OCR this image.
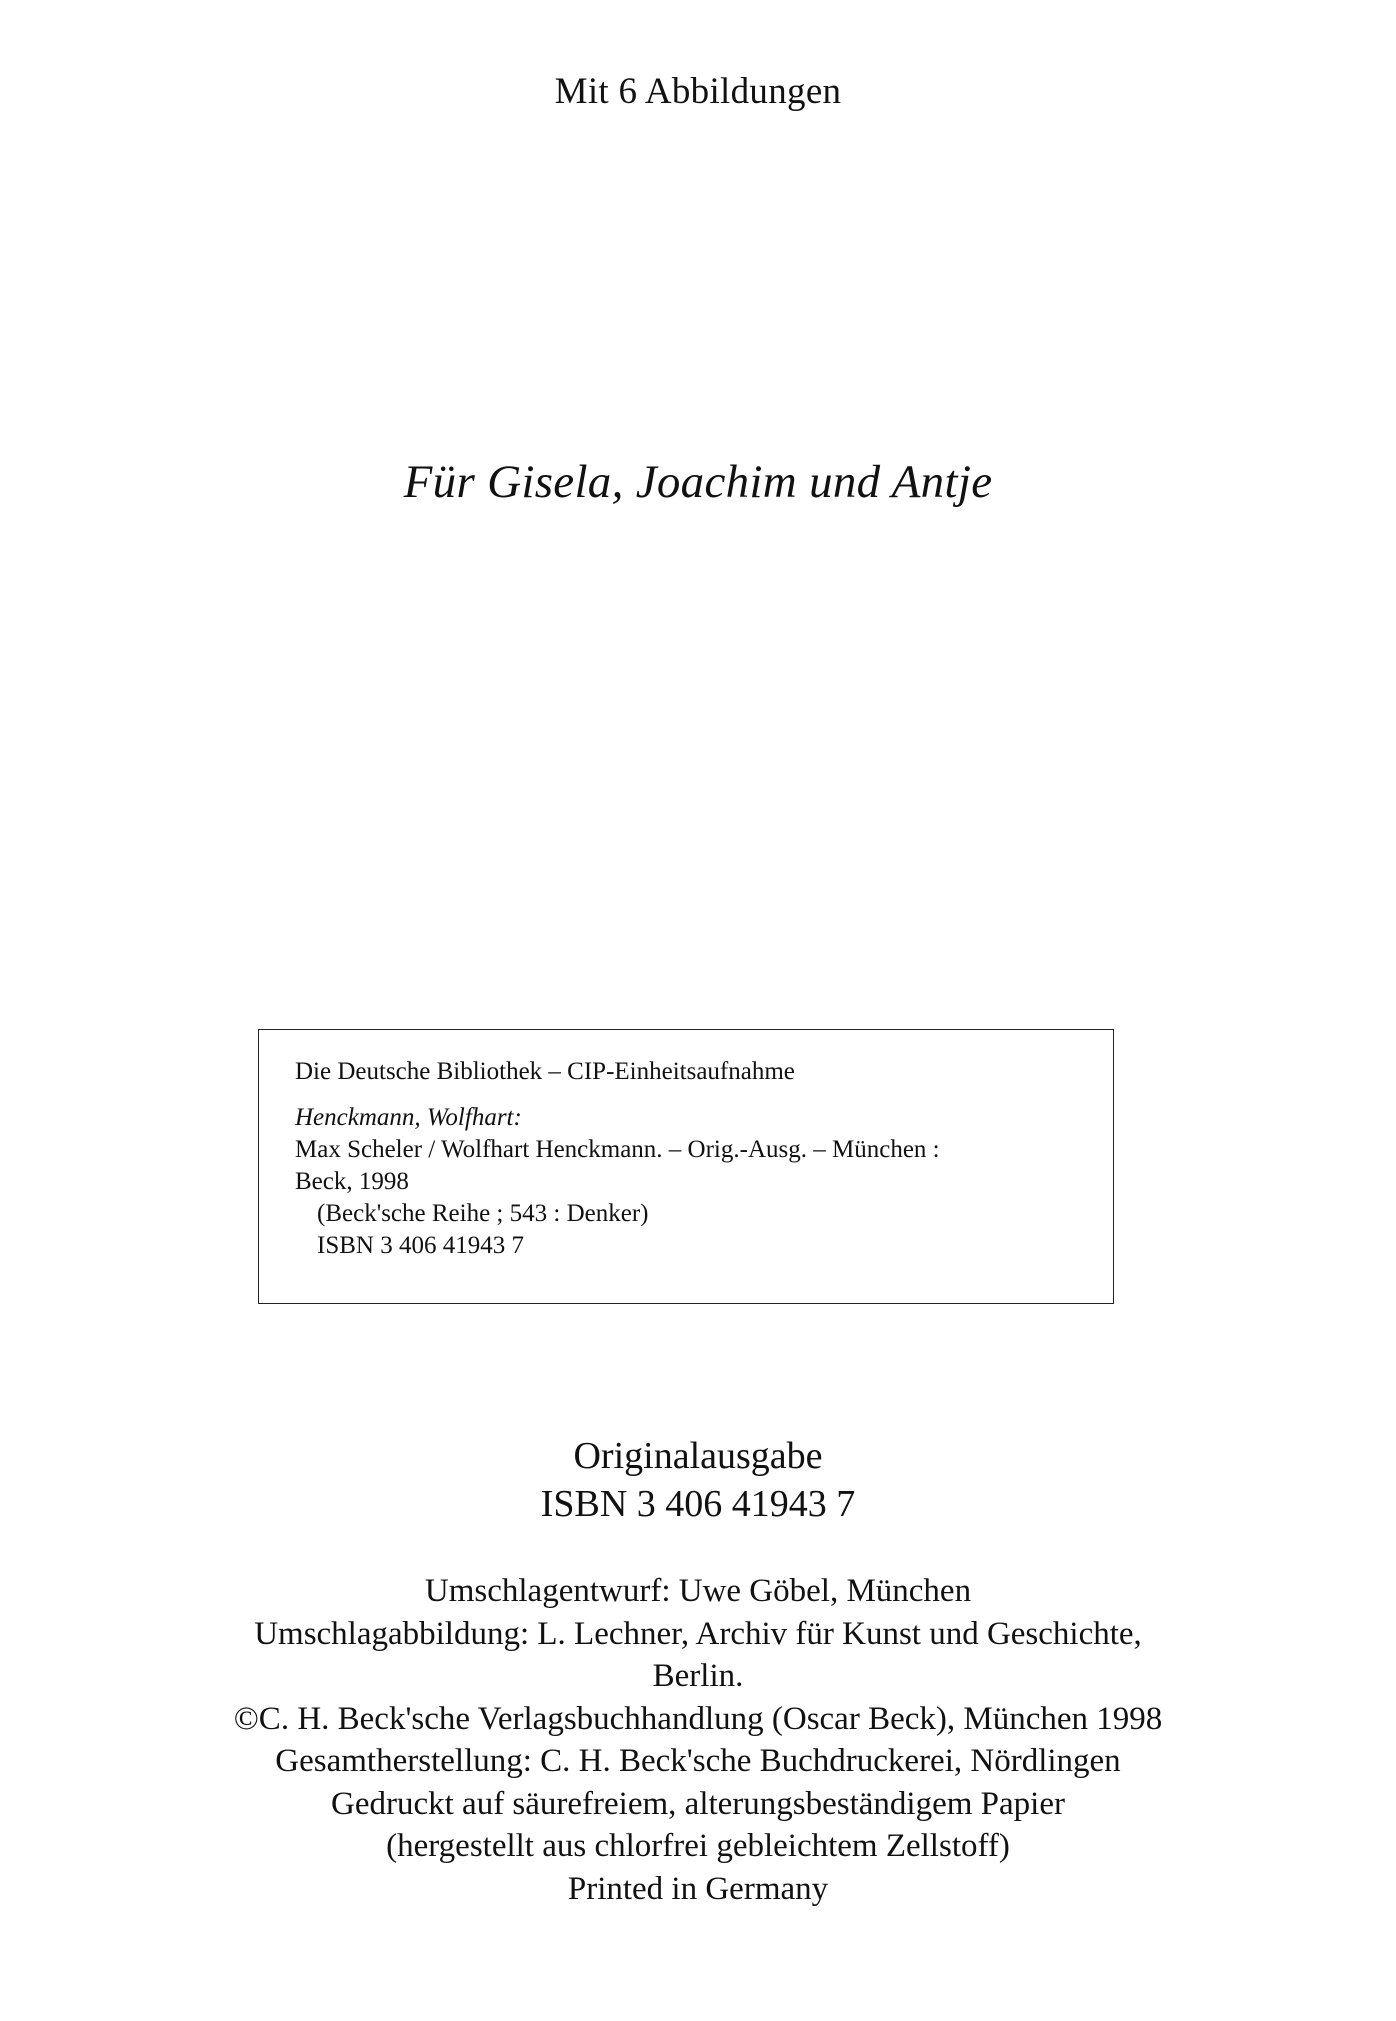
Mit 6 Abbildungen
Für Gisela, Joachim und Antje
Die Deutsche Bibliothek – CIP-Einheitsaufnahme
Henckmann, Wolfhart:
Max Scheler / Wolfhart Henckmann. – Orig.-Ausg. – München :
Beck, 1998
(Beck'sche Reihe ; 543 : Denker)
ISBN 3 406 41943 7
Originalausgabe
ISBN 3 406 41943 7
Umschlagentwurf: Uwe Göbel, München
Umschlagabbildung: L. Lechner, Archiv für Kunst und Geschichte,
Berlin.
©C. H. Beck'sche Verlagsbuchhandlung (Oscar Beck), München 1998
Gesamtherstellung: C. H. Beck'sche Buchdruckerei, Nördlingen
Gedruckt auf säurefreiem, alterungsbeständigem Papier
(hergestellt aus chlorfrei gebleichtem Zellstoff)
Printed in Germany
